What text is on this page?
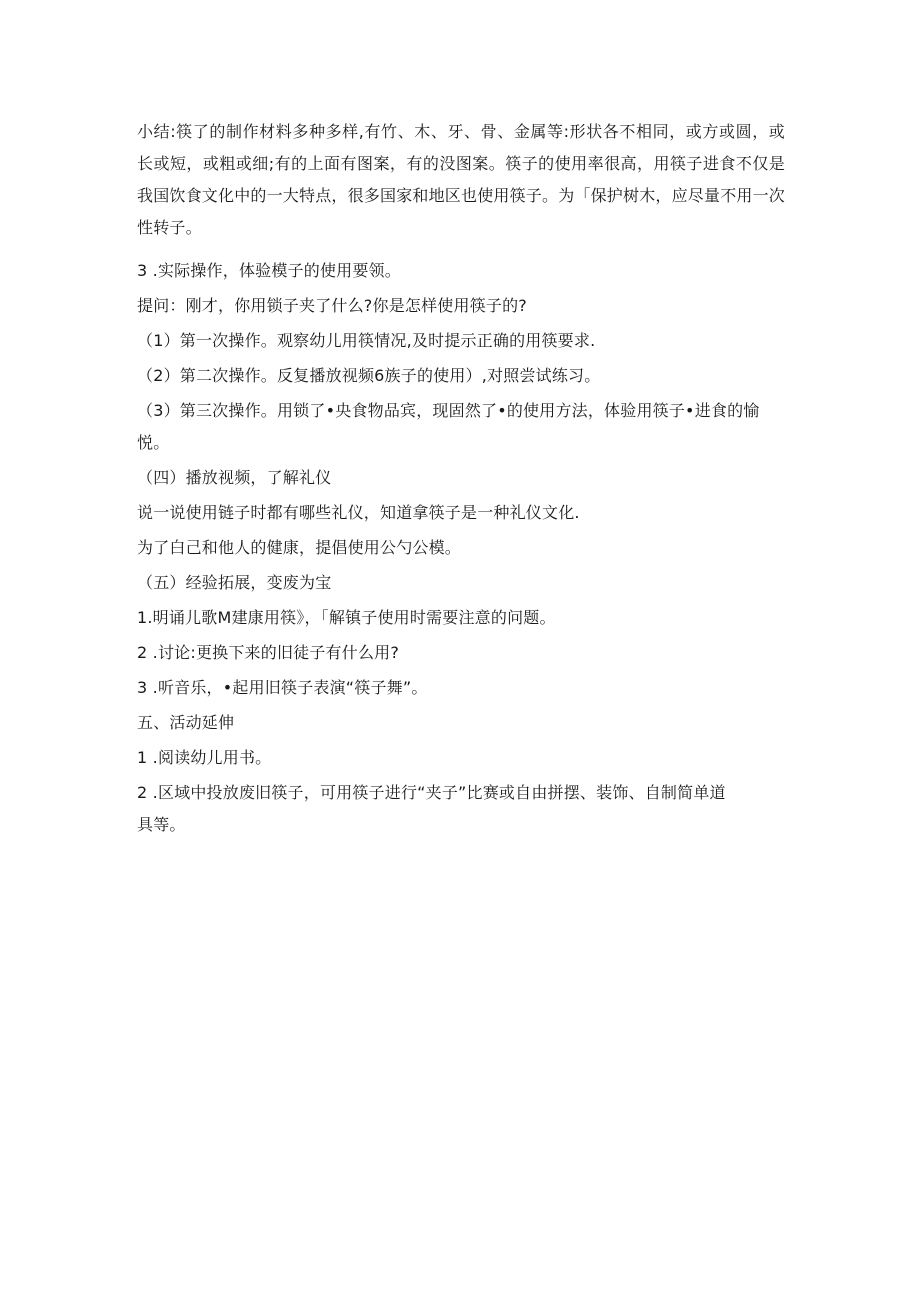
小结:筷了的制作材料多种多样,有竹、木、牙、骨、金属等:形状各不相同，或方或圆，或长或短，或粗或细;有的上面有图案，有的没图案。筷子的使用率很高，用筷子进食不仅是我国饮食文化中的一大特点，很多国家和地区也使用筷子。为「保护树木，应尽量不用一次性转子。

3 .实际操作，体验模子的使用要领。

提问：刚才，你用锁子夹了什么?你是怎样使用筷子的?

（1）第一次操作。观察幼儿用筷情况,及时提示正确的用筷要求.

（2）第二次操作。反复播放视频6族子的使用）,对照尝试练习。

（3）第三次操作。用锁了•央食物品宾，现固然了•的使用方法，体验用筷子•进食的愉

悦。

（四）播放视频，了解礼仪

说一说使用链子时都有哪些礼仪，知道拿筷子是一种礼仪文化.

为了白己和他人的健康，提倡使用公勺公模。

（五）经验拓展，变废为宝

1.明诵儿歌M建康用筷》，「解镇子使用时需要注意的问题。

2 .讨论:更换下来的旧徒子有什么用?

3 .听音乐，•起用旧筷子表演“筷子舞”。

五、活动延伸

1 .阅读幼儿用书。

2 .区域中投放废旧筷子，可用筷子进行“夹子”比赛或自由拼摆、装饰、自制简单道

具等。
